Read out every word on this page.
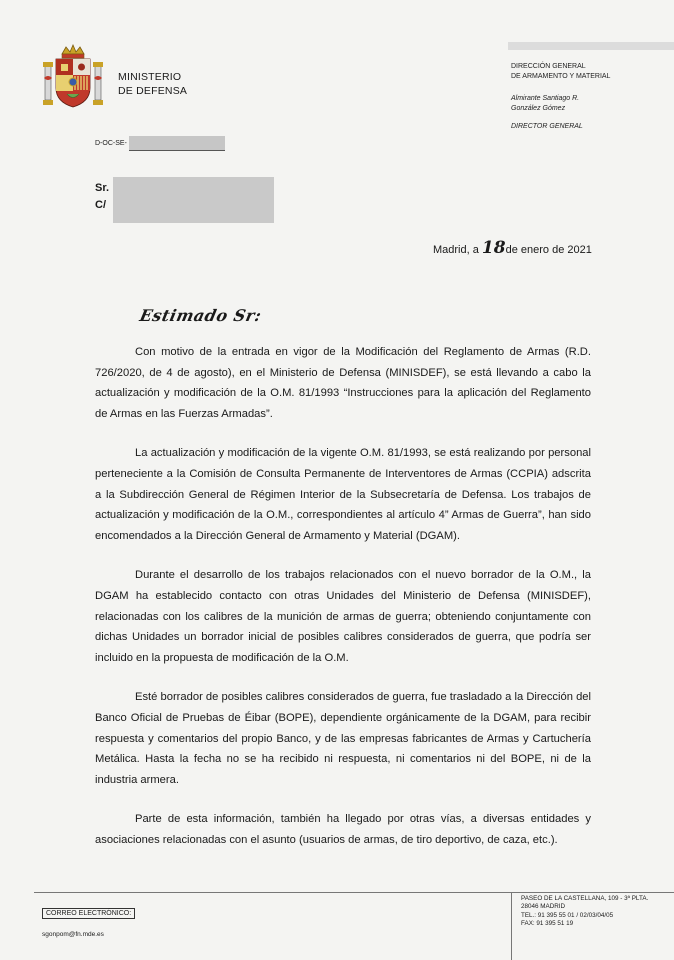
MINISTERIO
DE DEFENSA
DIRECCIÓN GENERAL
DE ARMAMENTO Y MATERIAL
Almirante Santiago R.
González Gómez
DIRECTOR GENERAL
D-OC-SE-
Sr.
C/
Madrid, a 18de enero de 2021
Estimado Sr:

Con motivo de la entrada en vigor de la Modificación del Reglamento de Armas (R.D. 726/2020, de 4 de agosto), en el Ministerio de Defensa (MINISDEF), se está llevando a cabo la actualización y modificación de la O.M. 81/1993 “Instrucciones para la aplicación del Reglamento de Armas en las Fuerzas Armadas”.

La actualización y modificación de la vigente O.M. 81/1993, se está realizando por personal perteneciente a la Comisión de Consulta Permanente de Interventores de Armas (CCPIA) adscrita a la Subdirección General de Régimen Interior de la Subsecretaría de Defensa. Los trabajos de actualización y modificación de la O.M., correspondientes al artículo 4” Armas de Guerra”, han sido encomendados a la Dirección General de Armamento y Material (DGAM).

Durante el desarrollo de los trabajos relacionados con el nuevo borrador de la O.M., la DGAM ha establecido contacto con otras Unidades del Ministerio de Defensa (MINISDEF), relacionadas con los calibres de la munición de armas de guerra; obteniendo conjuntamente con dichas Unidades un borrador inicial de posibles calibres considerados de guerra, que podría ser incluido en la propuesta de modificación de la O.M.

Esté borrador de posibles calibres considerados de guerra, fue trasladado a la Dirección del Banco Oficial de Pruebas de Éibar (BOPE), dependiente orgánicamente de la DGAM, para recibir respuesta y comentarios del propio Banco, y de las empresas fabricantes de Armas y Cartuchería Metálica. Hasta la fecha no se ha recibido ni respuesta, ni comentarios ni del BOPE, ni de la industria armera.

Parte de esta información, también ha llegado por otras vías, a diversas entidades y asociaciones relacionadas con el asunto (usuarios de armas, de tiro deportivo, de caza, etc.).

CORREO ELECTRÓNICO:
sgonpom@fn.mde.es
PASEO DE LA CASTELLANA, 109 - 3ª PLTA.
28046 MADRID
TEL.: 91 395 55 01 / 02/03/04/05
FAX: 91 395 51 19
